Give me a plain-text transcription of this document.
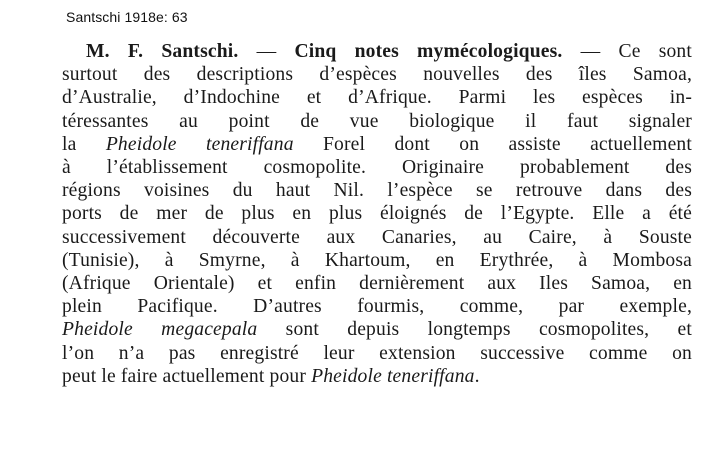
Santschi 1918e: 63
M. F. Santschi. — Cinq notes mymécologiques. — Ce sont
surtout des descriptions d’espèces nouvelles des îles Samoa,
d’Australie, d’Indochine et d’Afrique. Parmi les espèces in-
téressantes au point de vue biologique il faut signaler
la Pheidole teneriffana Forel dont on assiste actuellement
à l’établissement cosmopolite. Originaire probablement des
régions voisines du haut Nil. l’espèce se retrouve dans des
ports de mer de plus en plus éloignés de l’Egypte. Elle a été
successivement découverte aux Canaries, au Caire, à Souste
(Tunisie), à Smyrne, à Khartoum, en Erythrée, à Mombosa
(Afrique Orientale) et enfin dernièrement aux Iles Samoa, en
plein Pacifique. D’autres fourmis, comme, par exemple,
Pheidole megacepala sont depuis longtemps cosmopolites, et
l’on n’a pas enregistré leur extension successive comme on
peut le faire actuellement pour Pheidole teneriffana.
